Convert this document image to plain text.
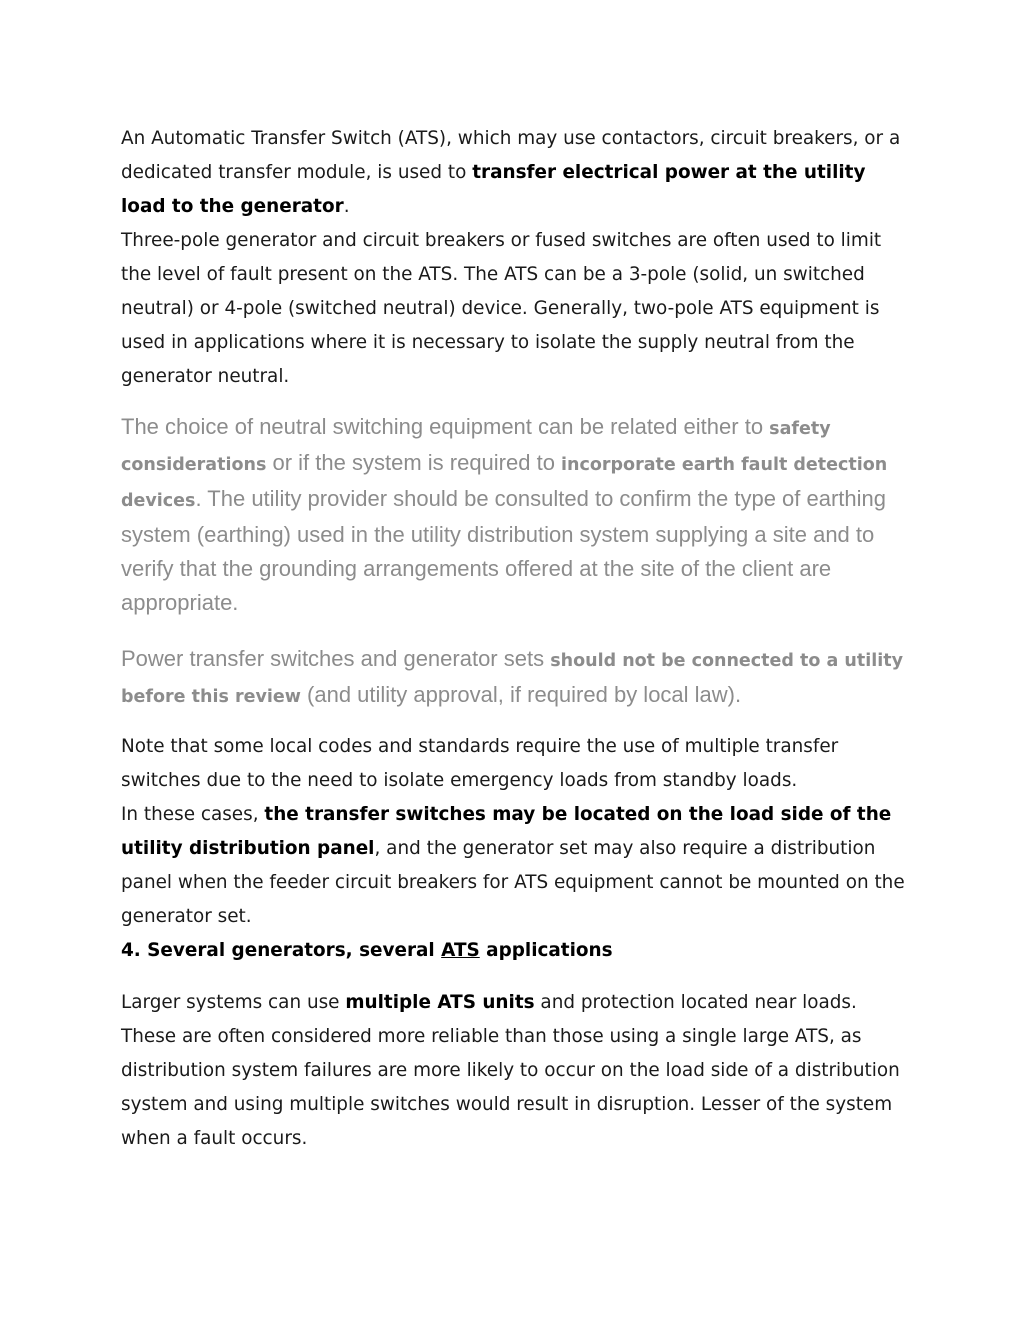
An Automatic Transfer Switch (ATS), which may use contactors, circuit breakers, or a dedicated transfer module, is used to transfer electrical power at the utility load to the generator.

Three-pole generator and circuit breakers or fused switches are often used to limit the level of fault present on the ATS. The ATS can be a 3-pole (solid, un switched neutral) or 4-pole (switched neutral) device. Generally, two-pole ATS equipment is used in applications where it is necessary to isolate the supply neutral from the generator neutral.

The choice of neutral switching equipment can be related either to safety considerations or if the system is required to incorporate earth fault detection devices. The utility provider should be consulted to confirm the type of earthing system (earthing) used in the utility distribution system supplying a site and to verify that the grounding arrangements offered at the site of the client are appropriate.

Power transfer switches and generator sets should not be connected to a utility before this review (and utility approval, if required by local law).

Note that some local codes and standards require the use of multiple transfer switches due to the need to isolate emergency loads from standby loads.

In these cases, the transfer switches may be located on the load side of the utility distribution panel, and the generator set may also require a distribution panel when the feeder circuit breakers for ATS equipment cannot be mounted on the generator set.

4. Several generators, several ATS applications

Larger systems can use multiple ATS units and protection located near loads. These are often considered more reliable than those using a single large ATS, as distribution system failures are more likely to occur on the load side of a distribution system and using multiple switches would result in disruption. Lesser of the system when a fault occurs.
